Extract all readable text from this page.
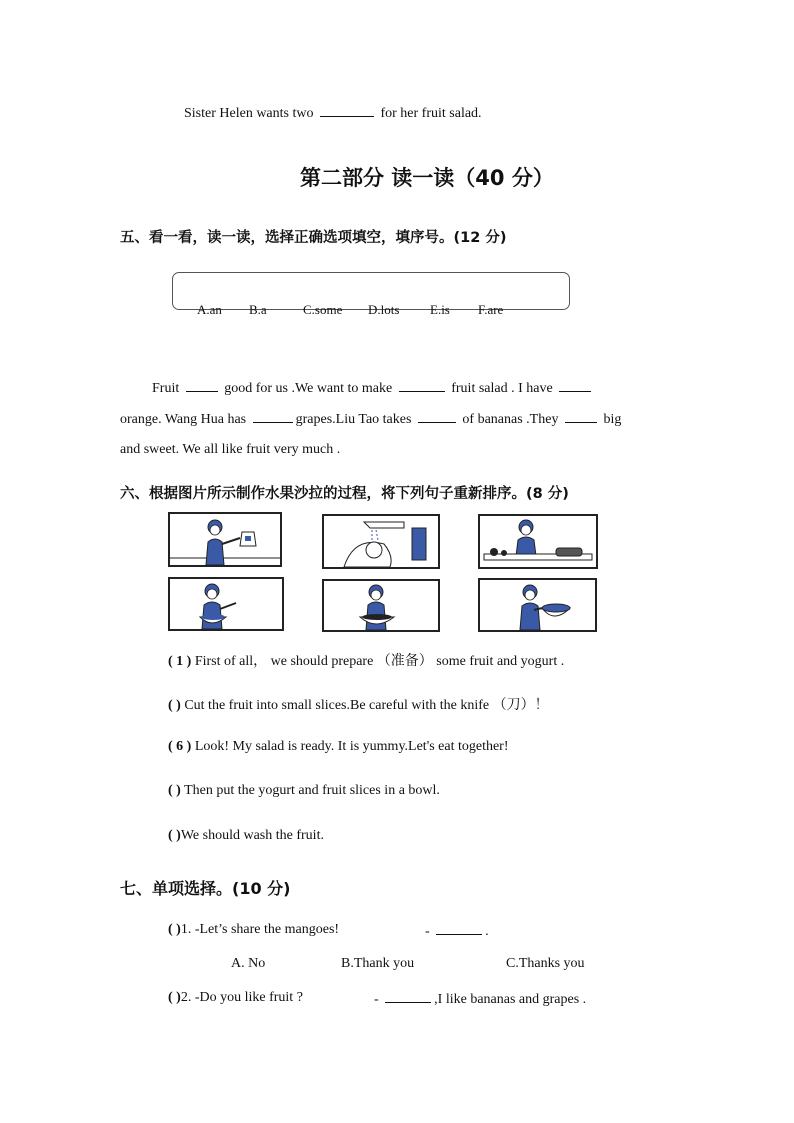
Sister Helen wants two	for her fruit salad.
第二部分 读一读（40 分）
五、看一看，读一读，选择正确选项填空，填序号。(12 分)
A.an B.a	C.some D.lots E.is F.are
Fruit	good for us .We want to make	fruit salad . I have
orange. Wang Hua has	grapes.Liu Tao takes	of bananas .They	big
and sweet. We all like fruit very much .
六、根据图片所示制作水果沙拉的过程，将下列句子重新排序。(8 分)
( 1 ) First of all， we should prepare （准备） some fruit and yogurt .
( ) Cut the fruit into small slices.Be careful with the knife （刀）！
( 6 ) Look! My salad is ready. It is yummy.Let's eat together!
( ) Then put the yogurt and fruit slices in a bowl.
( )We should wash the fruit.
七、单项选择。(10 分)
( )1. -Let’s share the mangoes!	-	.
A. No	B.Thank you	C.Thanks you
( )2. -Do you like fruit ?	-	,I like bananas and grapes .
